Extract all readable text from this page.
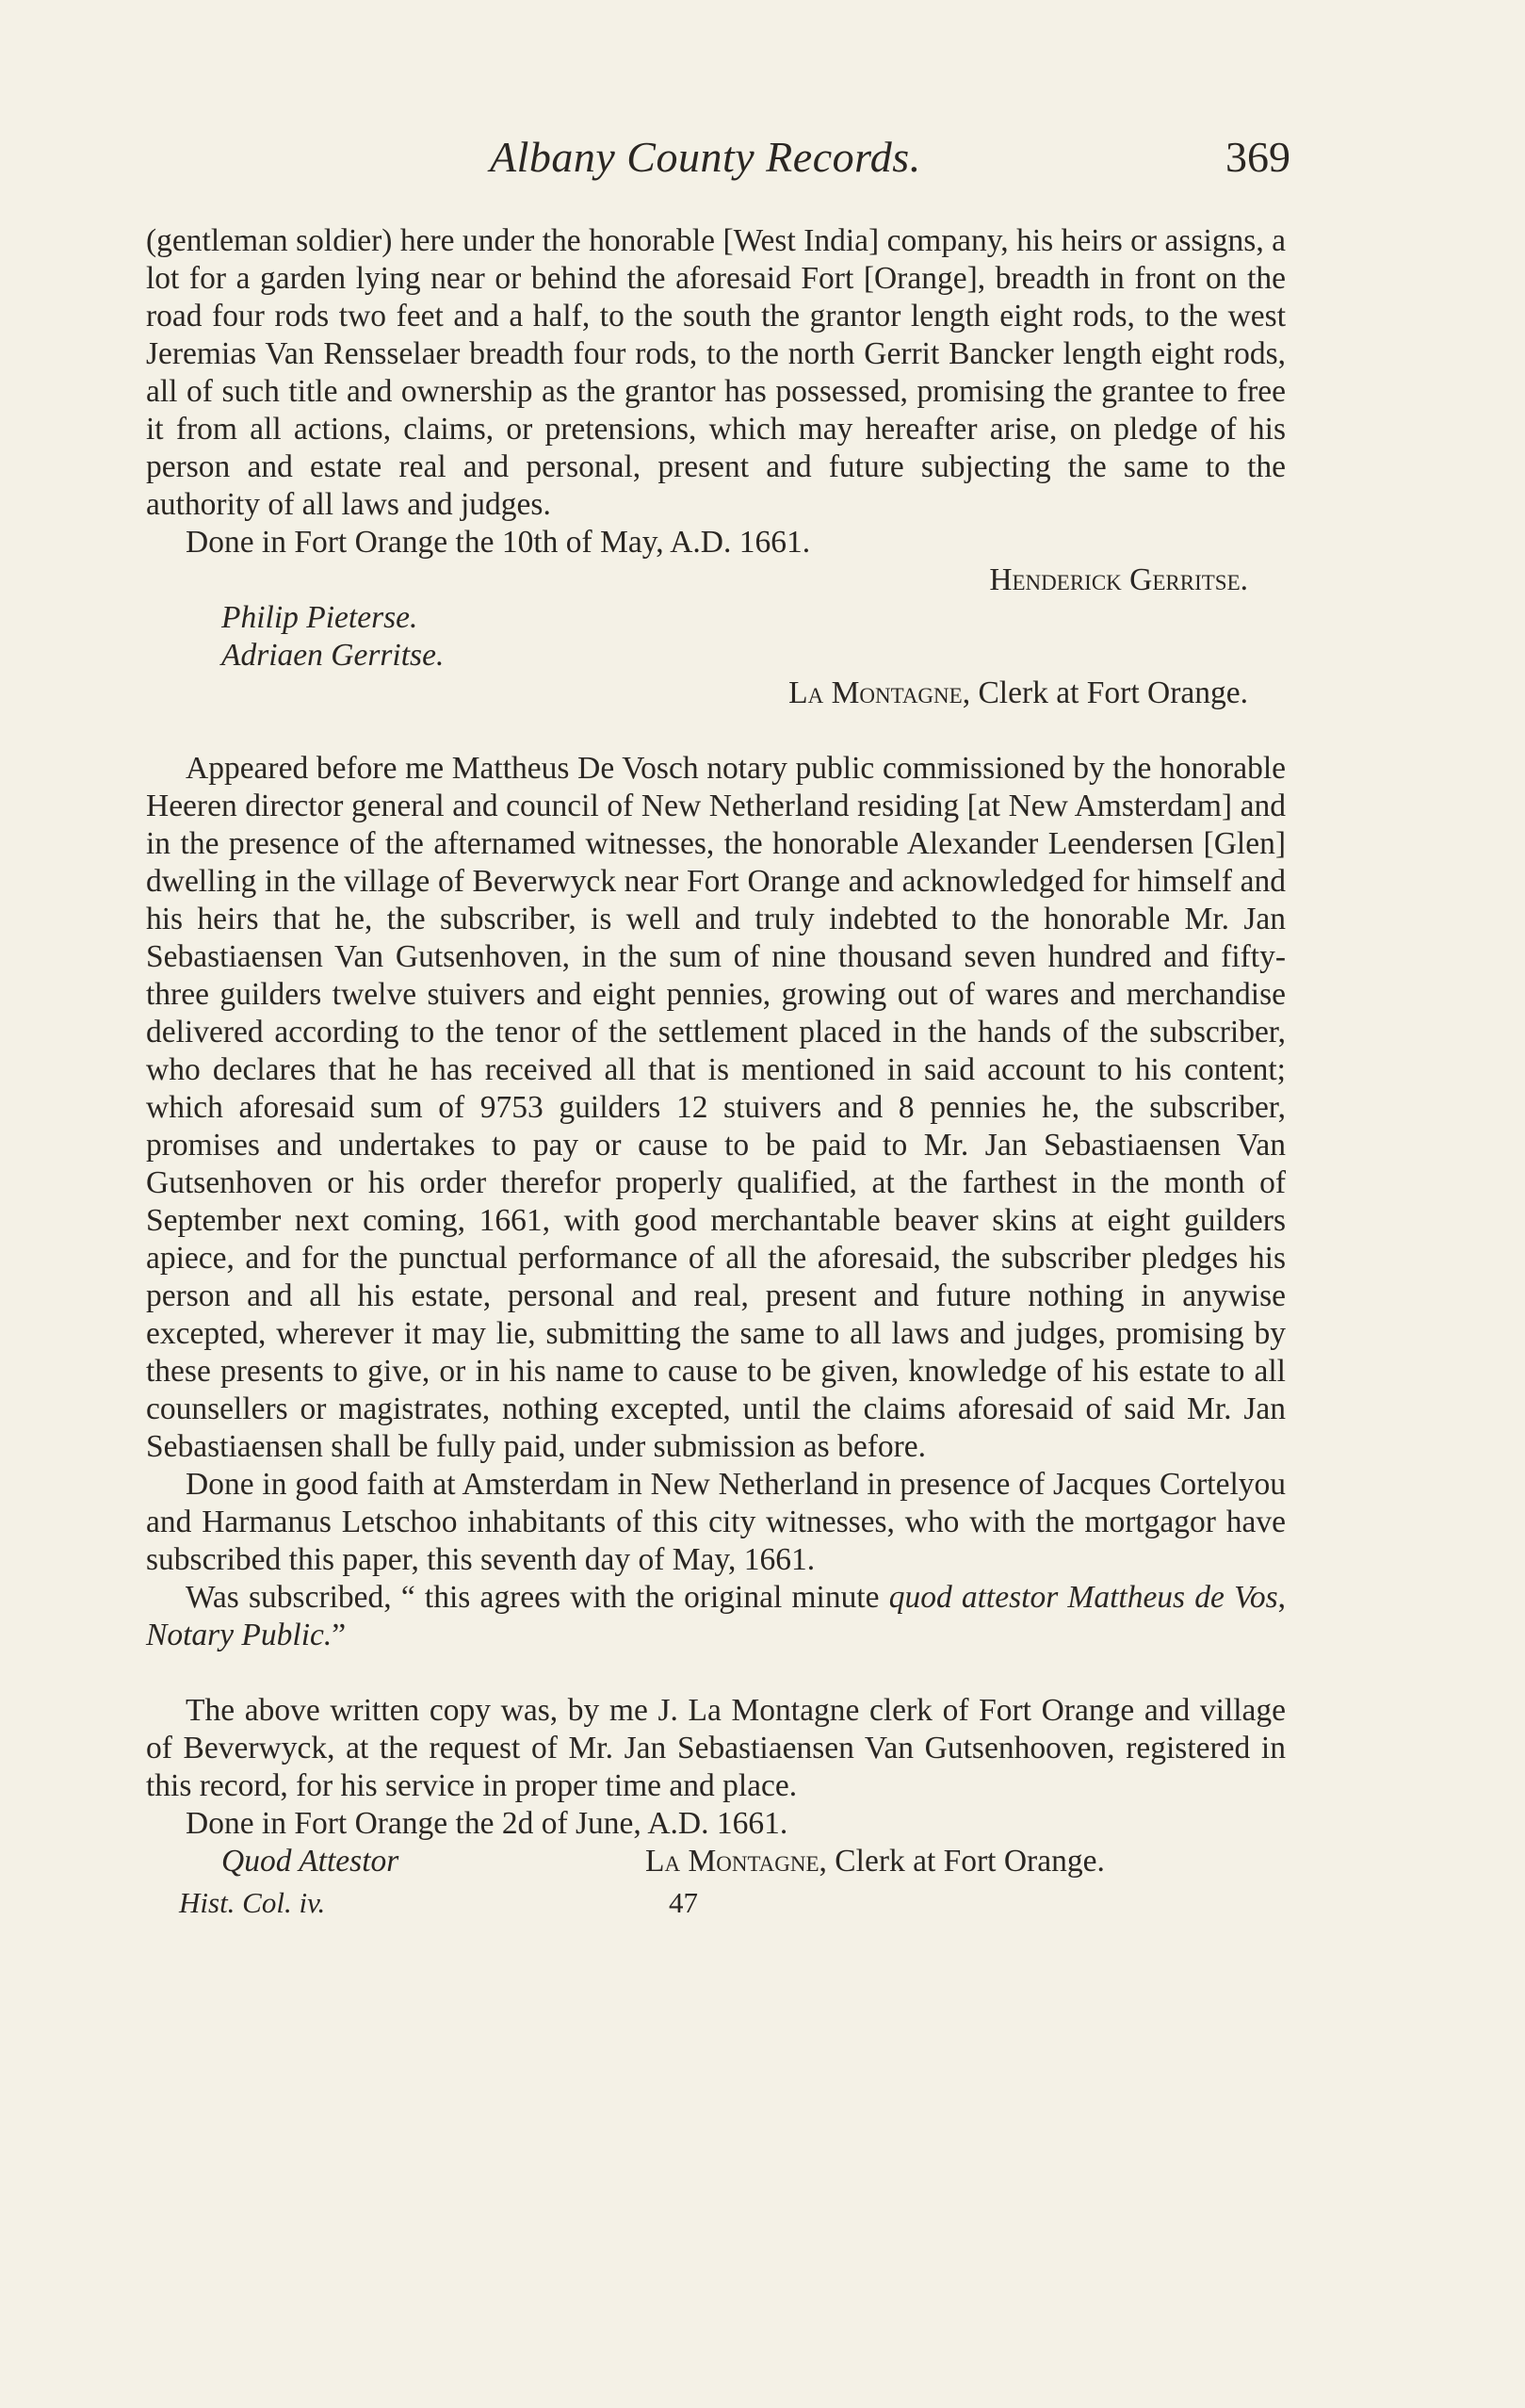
Albany County Records.	369

(gentleman soldier) here under the honorable [West India] company, his heirs or assigns, a lot for a garden lying near or behind the aforesaid Fort [Orange], breadth in front on the road four rods two feet and a half, to the south the grantor length eight rods, to the west Jeremias Van Rensselaer breadth four rods, to the north Gerrit Bancker length eight rods, all of such title and ownership as the grantor has possessed, promising the grantee to free it from all actions, claims, or pretensions, which may hereafter arise, on pledge of his person and estate real and personal, present and future subjecting the same to the authority of all laws and judges.

Done in Fort Orange the 10th of May, A.D. 1661.

Henderick Gerritse.

Philip Pieterse.

Adriaen Gerritse.

La Montagne, Clerk at Fort Orange.

Appeared before me Mattheus De Vosch notary public commissioned by the honorable Heeren director general and council of New Netherland residing [at New Amsterdam] and in the presence of the afternamed witnesses, the honorable Alexander Leendersen [Glen] dwelling in the village of Beverwyck near Fort Orange and acknowledged for himself and his heirs that he, the subscriber, is well and truly indebted to the honorable Mr. Jan Sebastiaensen Van Gutsenhoven, in the sum of nine thousand seven hundred and fifty-three guilders twelve stuivers and eight pennies, growing out of wares and merchandise delivered according to the tenor of the settlement placed in the hands of the subscriber, who declares that he has received all that is mentioned in said account to his content; which aforesaid sum of 9753 guilders 12 stuivers and 8 pennies he, the subscriber, promises and undertakes to pay or cause to be paid to Mr. Jan Sebastiaensen Van Gutsenhoven or his order therefor properly qualified, at the farthest in the month of September next coming, 1661, with good merchantable beaver skins at eight guilders apiece, and for the punctual performance of all the aforesaid, the subscriber pledges his person and all his estate, personal and real, present and future nothing in anywise excepted, wherever it may lie, submitting the same to all laws and judges, promising by these presents to give, or in his name to cause to be given, knowledge of his estate to all counsellers or magistrates, nothing excepted, until the claims aforesaid of said Mr. Jan Sebastiaensen shall be fully paid, under submission as before.

Done in good faith at Amsterdam in New Netherland in presence of Jacques Cortelyou and Harmanus Letschoo inhabitants of this city witnesses, who with the mortgagor have subscribed this paper, this seventh day of May, 1661.

Was subscribed, “ this agrees with the original minute quod attestor Mattheus de Vos, Notary Public.”

The above written copy was, by me J. La Montagne clerk of Fort Orange and village of Beverwyck, at the request of Mr. Jan Sebastiaensen Van Gutsenhooven, registered in this record, for his service in proper time and place.

Done in Fort Orange the 2d of June, A.D. 1661.

Quod Attestor	La Montagne, Clerk at Fort Orange.
Hist. Col. iv.	47
